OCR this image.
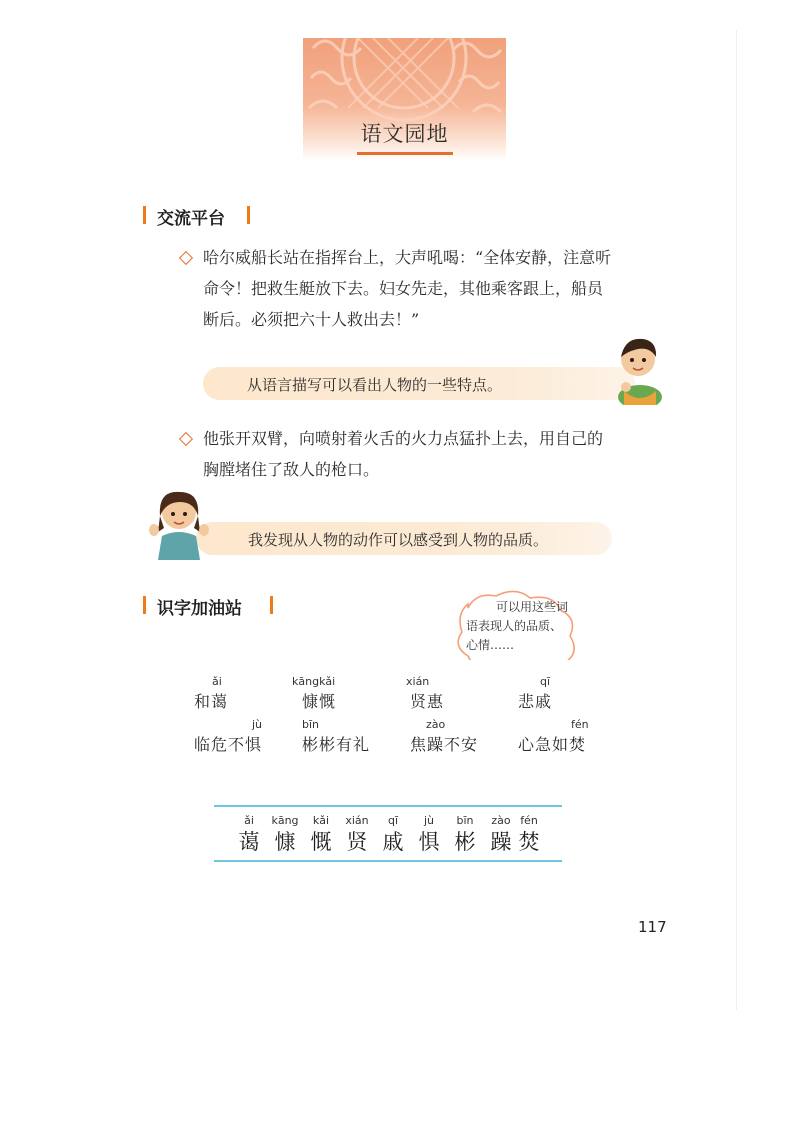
语文园地
交流平台
哈尔威船长站在指挥台上，大声吼喝：“全体安静，注意听
命令！把救生艇放下去。妇女先走，其他乘客跟上，船员
断后。必须把六十人救出去！”
从语言描写可以看出人物的一些特点。
他张开双臂，向喷射着火舌的火力点猛扑上去，用自己的
胸膛堵住了敌人的枪口。
我发现从人物的动作可以感受到人物的品质。
识字加油站	可以用这些词
语表现人的品质、
心情……
ǎi
和蔼
kāngkǎi
慷慨
xián
贤惠
qī
悲戚
jù
临危不惧
bīn
彬彬有礼
zào
焦躁不安
fén
心急如焚
ǎi
蔼
kāng
慷
kǎi
慨
xián
贤
qī
戚
jù
惧
bīn
彬
zào
躁
fén
焚
117
